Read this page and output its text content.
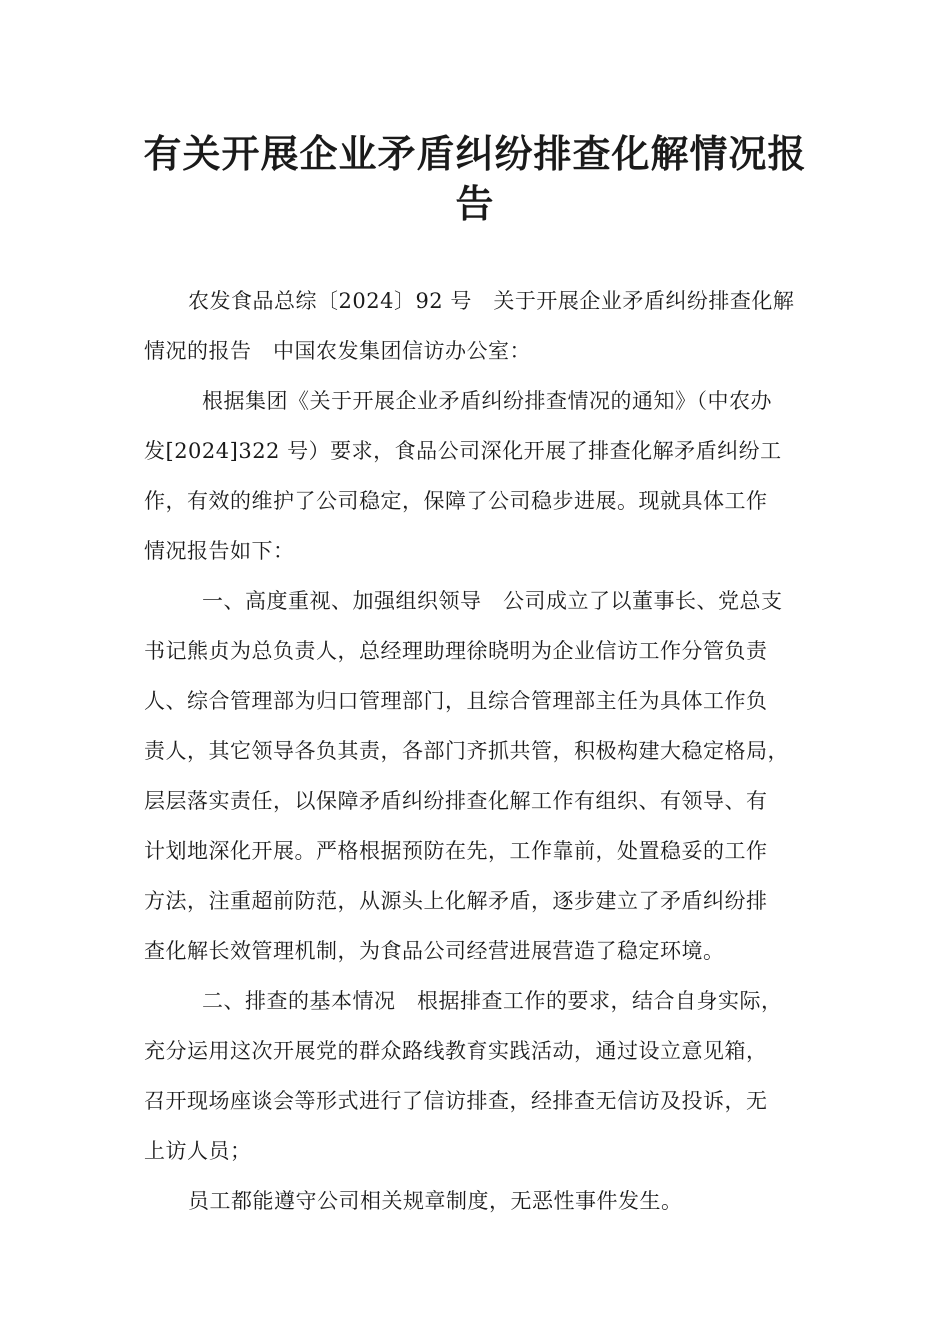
有关开展企业矛盾纠纷排查化解情况报
告
农发食品总综〔2024〕92 号　关于开展企业矛盾纠纷排查化解
情况的报告　中国农发集团信访办公室：
根据集团《关于开展企业矛盾纠纷排查情况的通知》（中农办
发[2024]322 号）要求，食品公司深化开展了排查化解矛盾纠纷工
作，有效的维护了公司稳定，保障了公司稳步进展。现就具体工作
情况报告如下：
一、高度重视、加强组织领导　公司成立了以董事长、党总支
书记熊贞为总负责人，总经理助理徐晓明为企业信访工作分管负责
人、综合管理部为归口管理部门，且综合管理部主任为具体工作负
责人，其它领导各负其责，各部门齐抓共管，积极构建大稳定格局，
层层落实责任，以保障矛盾纠纷排查化解工作有组织、有领导、有
计划地深化开展。严格根据预防在先，工作靠前，处置稳妥的工作
方法，注重超前防范，从源头上化解矛盾，逐步建立了矛盾纠纷排
查化解长效管理机制，为食品公司经营进展营造了稳定环境。
二、排查的基本情况　根据排查工作的要求，结合自身实际，
充分运用这次开展党的群众路线教育实践活动，通过设立意见箱，
召开现场座谈会等形式进行了信访排查，经排查无信访及投诉，无
上访人员；
员工都能遵守公司相关规章制度，无恶性事件发生。
